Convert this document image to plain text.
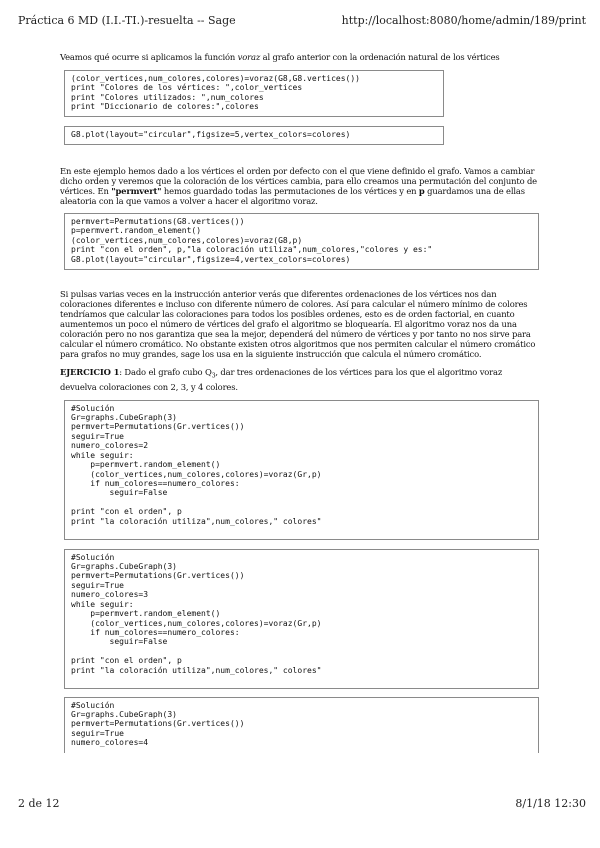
Práctica 6 MD (I.I.-TI.)-resuelta -- Sage	http://localhost:8080/home/admin/189/print

Veamos qué ocurre si aplicamos la función voraz al grafo anterior con la ordenación natural de los vértices

(color_vertices,num_colores,colores)=voraz(G8,G8.vertices())
print "Colores de los vértices: ",color_vertices
print "Colores utilizados: ",num_colores
print "Diccionario de colores:",colores
G8.plot(layout="circular",figsize=5,vertex_colors=colores)

En este ejemplo hemos dado a los vértices el orden por defecto con el que viene definido el grafo. Vamos a cambiar dicho orden y veremos que la coloración de los vértices cambia, para ello creamos una permutación del conjunto de vértices. En "permvert" hemos guardado todas las permutaciones de los vértices y en p guardamos una de ellas aleatoria con la que vamos a volver a hacer el algoritmo voraz.

permvert=Permutations(G8.vertices())
p=permvert.random_element()
(color_vertices,num_colores,colores)=voraz(G8,p)
print "con el orden", p,"la coloración utiliza",num_colores,"colores y es:"
G8.plot(layout="circular",figsize=4,vertex_colors=colores)

Si pulsas varias veces en la instrucción anterior verás que diferentes ordenaciones de los vértices nos dan coloraciones diferentes e incluso con diferente número de colores. Así para calcular el número mínimo de colores tendríamos que calcular las coloraciones para todos los posibles ordenes, esto es de orden factorial, en cuanto aumentemos un poco el número de vértices del grafo el algoritmo se bloquearía. El algoritmo voraz nos da una coloración pero no nos garantiza que sea la mejor, dependerá del número de vértices y por tanto no nos sirve para calcular el número cromático. No obstante existen otros algoritmos que nos permiten calcular el número cromático para grafos no muy grandes, sage los usa en la siguiente instrucción que calcula el número cromático.

EJERCICIO 1: Dado el grafo cubo $Q_3$, dar tres ordenaciones de los vértices para los que el algoritmo voraz devuelva coloraciones con 2, 3, y 4 colores.

#Solución
Gr=graphs.CubeGraph(3)
permvert=Permutations(Gr.vertices())
seguir=True
numero_colores=2
while seguir:
p=permvert.random_element()
(color_vertices,num_colores,colores)=voraz(Gr,p)
if num_colores==numero_colores:
seguir=False

print "con el orden", p
print "la coloración utiliza",num_colores," colores"
#Solución
Gr=graphs.CubeGraph(3)
permvert=Permutations(Gr.vertices())
seguir=True
numero_colores=3
while seguir:
p=permvert.random_element()
(color_vertices,num_colores,colores)=voraz(Gr,p)
if num_colores==numero_colores:
seguir=False

print "con el orden", p
print "la coloración utiliza",num_colores," colores"
#Solución
Gr=graphs.CubeGraph(3)
permvert=Permutations(Gr.vertices())
seguir=True
numero_colores=4
2 de 12	8/1/18 12:30
